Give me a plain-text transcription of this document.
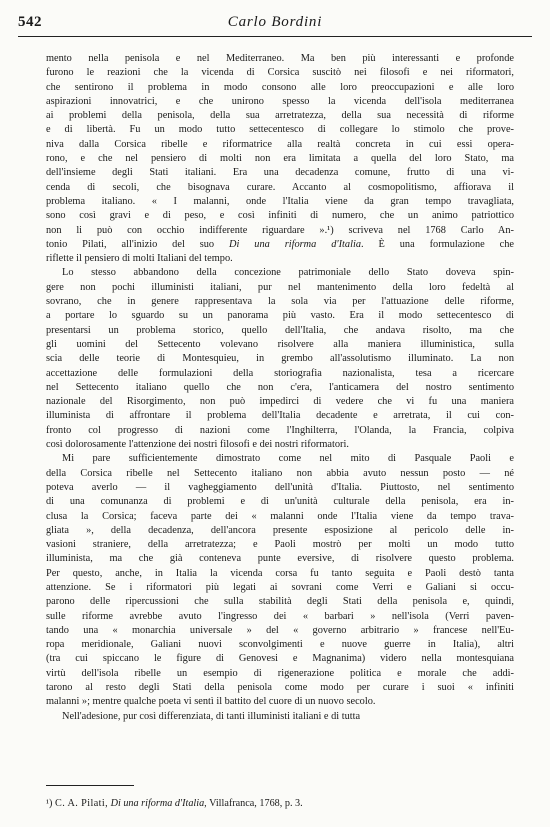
542	Carlo Bordini
mento nella penisola e nel Mediterraneo. Ma ben più interessanti e profonde
furono le reazioni che la vicenda di Corsica suscitò nei filosofi e nei riformatori,
che sentirono il problema in modo consono alle loro preoccupazioni e alle loro
aspirazioni innovatrici, e che unirono spesso la vicenda dell'isola mediterranea
ai problemi della penisola, della sua arretratezza, della sua necessità di riforme
e di libertà. Fu un modo tutto settecentesco di collegare lo stimolo che prove-
niva dalla Corsica ribelle e riformatrice alla realtà concreta in cui essi opera-
rono, e che nel pensiero di molti non era limitata a quella del loro Stato, ma
dell'insieme degli Stati italiani. Era una decadenza comune, frutto di una vi-
cenda di secoli, che bisognava curare. Accanto al cosmopolitismo, affiorava il
problema italiano. « I malanni, onde l'Italia viene da gran tempo travagliata,
sono così gravi e di peso, e così infiniti di numero, che un animo patriottico
non li può con occhio indifferente riguardare ».¹) scriveva nel 1768 Carlo An-
tonio Pilati, all'inizio del suo Di una riforma d'Italia. È una formulazione che
riflette il pensiero di molti Italiani del tempo.
Lo stesso abbandono della concezione patrimoniale dello Stato doveva spin-
gere non pochi illuministi italiani, pur nel mantenimento della loro fedeltà al
sovrano, che in genere rappresentava la sola via per l'attuazione delle riforme,
a portare lo sguardo su un panorama più vasto. Era il modo settecentesco di
presentarsi un problema storico, quello dell'Italia, che andava risolto, ma che
gli uomini del Settecento volevano risolvere alla maniera illuministica, sulla
scia delle teorie di Montesquieu, in grembo all'assolutismo illuminato. La non
accettazione delle formulazioni della storiografia nazionalista, tesa a ricercare
nel Settecento italiano quello che non c'era, l'anticamera del nostro sentimento
nazionale del Risorgimento, non può impedirci di vedere che vi fu una maniera
illuminista di affrontare il problema dell'Italia decadente e arretrata, il cui con-
fronto col progresso di nazioni come l'Inghilterra, l'Olanda, la Francia, colpiva
così dolorosamente l'attenzione dei nostri filosofi e dei nostri riformatori.
Mi pare sufficientemente dimostrato come nel mito di Pasquale Paoli e
della Corsica ribelle nel Settecento italiano non abbia avuto nessun posto — né
poteva averlo — il vagheggiamento dell'unità d'Italia. Piuttosto, nel sentimento
di una comunanza di problemi e di un'unità culturale della penisola, era in-
clusa la Corsica; faceva parte dei « malanni onde l'Italia viene da tempo trava-
gliata », della decadenza, dell'ancora presente esposizione al pericolo delle in-
vasioni straniere, della arretratezza; e Paoli mostrò per molti un modo tutto
illuminista, ma che già conteneva punte eversive, di risolvere questo problema.
Per questo, anche, in Italia la vicenda corsa fu tanto seguita e Paoli destò tanta
attenzione. Se i riformatori più legati ai sovrani come Verri e Galiani si occu-
parono delle ripercussioni che sulla stabilità degli Stati della penisola e, quindi,
sulle riforme avrebbe avuto l'ingresso dei « barbari » nell'isola (Verri paven-
tando una « monarchia universale » del « governo arbitrario » francese nell'Eu-
ropa meridionale, Galiani nuovi sconvolgimenti e nuove guerre in Italia), altri
(tra cui spiccano le figure di Genovesi e Magnanima) videro nella montesquiana
virtù dell'isola ribelle un esempio di rigenerazione politica e morale che addi-
tarono al resto degli Stati della penisola come modo per curare i suoi « infiniti
malanni »; mentre qualche poeta vi sentì il battito del cuore di un nuovo secolo.
Nell'adesione, pur così differenziata, di tanti illuministi italiani e di tutta
¹) C. A. Pilati, Di una riforma d'Italia, Villafranca, 1768, p. 3.
